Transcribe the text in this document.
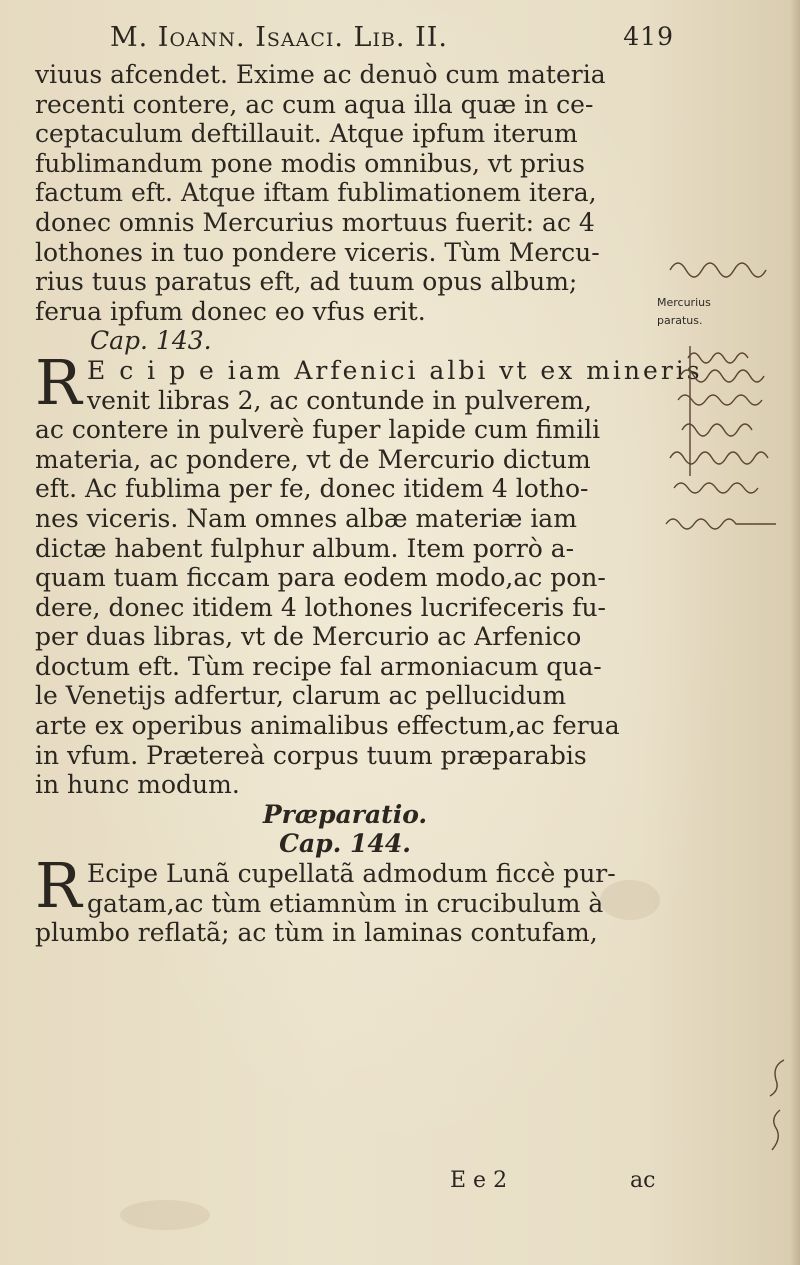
M. Ioann. Isaaci. Lib. II.	419
viuus afcendet. Exime ac denuò cum materia
recenti contere, ac cum aqua illa quæ in ce-
ceptaculum deftillauit. Atque ipfum iterum
fublimandum pone modis omnibus, vt prius
factum eft. Atque iftam fublimationem itera,
donec omnis Mercurius mortuus fuerit: ac 4
lothones in tuo pondere viceris. Tùm Mercu-
rius tuus paratus eft, ad tuum opus album;
ferua ipfum donec eo vfus erit.
Cap. 143.
R E c i p e iam Arfenici albi vt ex mineris
venit libras 2, ac contunde in pulverem,
ac contere in pulverè fuper lapide cum fimili
materia, ac pondere, vt de Mercurio dictum
eft. Ac fublima per fe, donec itidem 4 lotho-
nes viceris. Nam omnes albæ materiæ iam
dictæ habent fulphur album. Item porrò a-
quam tuam ficcam para eodem modo,ac pon-
dere, donec itidem 4 lothones lucrifeceris fu-
per duas libras, vt de Mercurio ac Arfenico
doctum eft. Tùm recipe fal armoniacum qua-
le Venetijs adfertur, clarum ac pellucidum
arte ex operibus animalibus effectum,ac ferua
in vfum. Prætereà corpus tuum præparabis
in hunc modum.
Præparatio.
Cap. 144.
R Ecipe Lunã cupellatã admodum ficcè pur-
gatam,ac tùm etiamnùm in crucibulum à
plumbo reflatã; ac tùm in laminas contufam,
E e 2	ac
Mercurius
paratus.
